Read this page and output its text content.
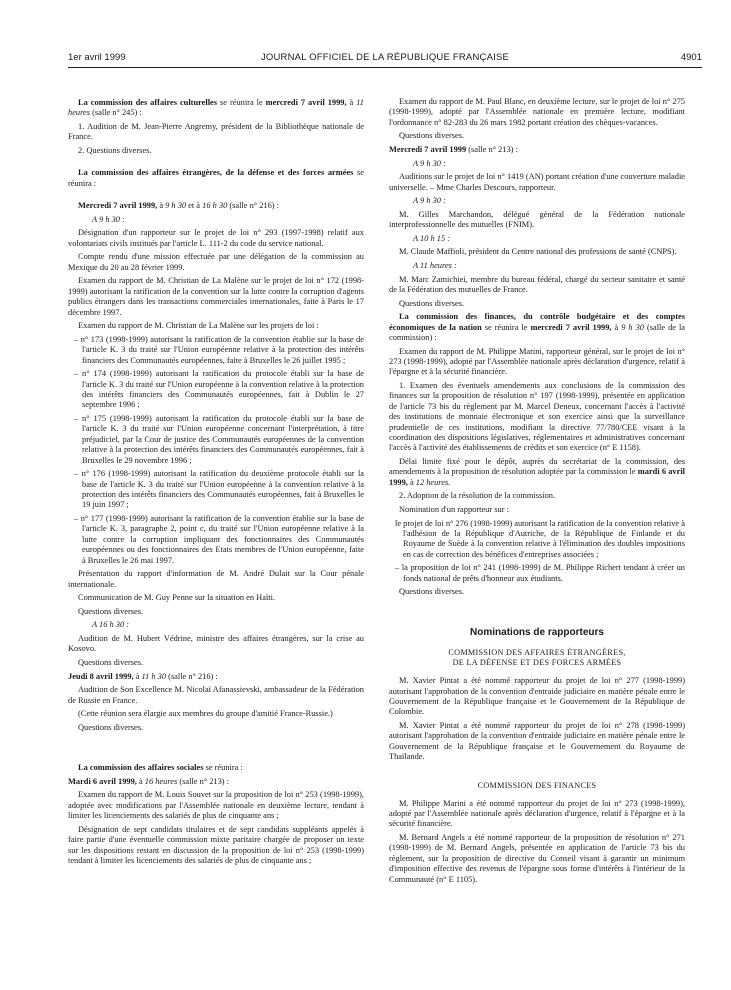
1er avril 1999	JOURNAL OFFICIEL DE LA RÉPUBLIQUE FRANÇAISE	4901

La commission des affaires culturelles se réunira le mercredi 7 avril 1999, à 11 heures (salle n° 245) :

1. Audition de M. Jean-Pierre Angremy, président de la Bibliothèque nationale de France.

2. Questions diverses.

La commission des affaires étrangères, de la défense et des forces armées se réunira :

Mercredi 7 avril 1999, à 9 h 30 et à 16 h 30 (salle n° 216) :

A 9 h 30 :

Désignation d'un rapporteur sur le projet de loi n° 293 (1997-1998) relatif aux volontariats civils institués par l'article L. 111-2 du code du service national.

Compte rendu d'une mission effectuée par une délégation de la commission au Mexique du 20 au 28 février 1999.

Examen du rapport de M. Christian de La Malène sur le projet de loi n° 172 (1998-1999) autorisant la ratification de la convention sur la lutte contre la corruption d'agents publics étrangers dans les transactions commerciales internationales, faite à Paris le 17 décembre 1997.

Examen du rapport de M. Christian de La Malène sur les projets de loi :

– n° 173 (1998-1999) autorisant la ratification de la convention établie sur la base de l'article K. 3 du traité sur l'Union européenne relative à la protection des intérêts financiers des Communautés européennes, faite à Bruxelles le 26 juillet 1995 ;

– n° 174 (1998-1999) autorisant la ratification du protocole établi sur la base de l'article K. 3 du traité sur l'Union européenne à la convention relative à la protection des intérêts financiers des Communautés européennes, fait à Dublin le 27 septembre 1996 ;

– n° 175 (1998-1999) autorisant la ratification du protocole établi sur la base de l'article K. 3 du traité sur l'Union européenne concernant l'interprétation, à titre préjudiciel, par la Cour de justice des Communautés européennes de la convention relative à la protection des intérêts financiers des Communautés européennes, fait à Bruxelles le 29 novembre 1996 ;

– n° 176 (1998-1999) autorisant la ratification du deuxième protocole établi sur la base de l'article K. 3 du traité sur l'Union européenne à la convention relative à la protection des intérêts financiers des Communautés européennes, fait à Bruxelles le 19 juin 1997 ;

– n° 177 (1998-1999) autorisant la ratification de la convention établie sur la base de l'article K. 3, paragraphe 2, point c, du traité sur l'Union européenne relative à la lutte contre la corruption impliquant des fonctionnaires des Communautés européennes ou des fonctionnaires des Etats membres de l'Union européenne, faite à Bruxelles le 26 mai 1997.

Présentation du rapport d'information de M. André Dulait sur la Cour pénale internationale.

Communication de M. Guy Penne sur la situation en Haïti.

Questions diverses.

A 16 h 30 :

Audition de M. Hubert Védrine, ministre des affaires étrangères, sur la crise au Kosovo.

Questions diverses.

Jeudi 8 avril 1999, à 11 h 30 (salle n° 216) :

Audition de Son Excellence M. Nicolaï Afanassievski, ambassadeur de la Fédération de Russie en France.

(Cette réunion sera élargie aux membres du groupe d'amitié France-Russie.)

Questions diverses.

La commission des affaires sociales se réunira :

Mardi 6 avril 1999, à 16 heures (salle n° 213) :

Examen du rapport de M. Louis Souvet sur la proposition de loi n° 253 (1998-1999), adoptée avec modifications par l'Assemblée nationale en deuxième lecture, tendant à limiter les licenciements des salariés de plus de cinquante ans ;

Désignation de sept candidats titulaires et de sept candidats suppléants appelés à faire partie d'une éventuelle commission mixte paritaire chargée de proposer un texte sur les dispositions restant en discussion de la proposition de loi n° 253 (1998-1999) tendant à limiter les licenciements des salariés de plus de cinquante ans ;

Examen du rapport de M. Paul Blanc, en deuxième lecture, sur le projet de loi n° 275 (1998-1999), adopté par l'Assemblée nationale en première lecture, modifiant l'ordonnance n° 82-283 du 26 mars 1982 portant création des chèques-vacances.

Questions diverses.

Mercredi 7 avril 1999 (salle n° 213) :

A 9 h 30 :

Auditions sur le projet de loi n° 1419 (AN) portant création d'une couverture maladie universelle. – Mme Charles Descours, rapporteur.

A 9 h 30 :

M. Gilles Marchandon, délégué général de la Fédération nationale interprofessionnelle des mutuelles (FNIM).

A 10 h 15 :

M. Claude Maffioli, président du Centre national des professions de santé (CNPS).

A 11 heures :

M. Marc Zamichiei, membre du bureau fédéral, chargé du secteur sanitaire et santé de la Fédération des mutuelles de France.

Questions diverses.

La commission des finances, du contrôle budgétaire et des comptes économiques de la nation se réunira le mercredi 7 avril 1999, à 9 h 30 (salle de la commission) :

Examen du rapport de M. Philippe Marini, rapporteur général, sur le projet de loi n° 273 (1998-1999), adopté par l'Assemblée nationale après déclaration d'urgence, relatif à l'épargne et à la sécurité financière.

1. Examen des éventuels amendements aux conclusions de la commission des finances sur la proposition de résolution n° 197 (1998-1999), présentée en application de l'article 73 bis du règlement par M. Marcel Deneux, concernant l'accès à l'activité des institutions de monnaie électronique et son exercice ainsi que la surveillance prudentielle de ces institutions, modifiant la directive 77/780/CEE visant à la coordination des dispositions législatives, réglementaires et administratives concernant l'accès à l'activité des établissements de crédits et son exercice (n° E 1158).

Délai limite fixé pour le dépôt, auprès du secrétariat de la commission, des amendements à la proposition de résolution adoptée par la commission le mardi 6 avril 1999, à 12 heures.

2. Adoption de la résolution de la commission.

Nomination d'un rapporteur sur :

le projet de loi n° 276 (1998-1999) autorisant la ratification de la convention relative à l'adhésion de la République d'Autriche, de la République de Finlande et du Royaume de Suède à la convention relative à l'élimination des doubles impositions en cas de correction des bénéfices d'entreprises associées ;

– la proposition de loi n° 241 (1998-1999) de M. Philippe Richert tendant à créer un fonds national de prêts d'honneur aux étudiants.

Questions diverses.

Nominations de rapporteurs
COMMISSION DES AFFAIRES ÉTRANGÈRES,
DE LA DÉFENSE ET DES FORCES ARMÉES

M. Xavier Pintat a été nommé rapporteur du projet de loi n° 277 (1998-1999) autorisant l'approbation de la convention d'entraide judiciaire en matière pénale entre le Gouvernement de la République française et le Gouvernement de la République de Colombie.

M. Xavier Pintat a été nommé rapporteur du projet de loi n° 278 (1998-1999) autorisant l'approbation de la convention d'entraide judiciaire en matière pénale entre le Gouvernement de la République française et le Gouvernement du Royaume de Thaïlande.

COMMISSION DES FINANCES

M. Philippe Marini a été nommé rapporteur du projet de loi n° 273 (1998-1999), adopté par l'Assemblée nationale après déclaration d'urgence, relatif à l'épargne et à la sécurité financière.

M. Bernard Angels a été nommé rapporteur de la proposition de résolution n° 271 (1998-1999) de M. Bernard Angels, présentée en application de l'article 73 bis du règlement, sur la proposition de directive du Conseil visant à garantir un minimum d'imposition effective des revenus de l'épargne sous forme d'intérêts à l'intérieur de la Communauté (n° E 1105).
